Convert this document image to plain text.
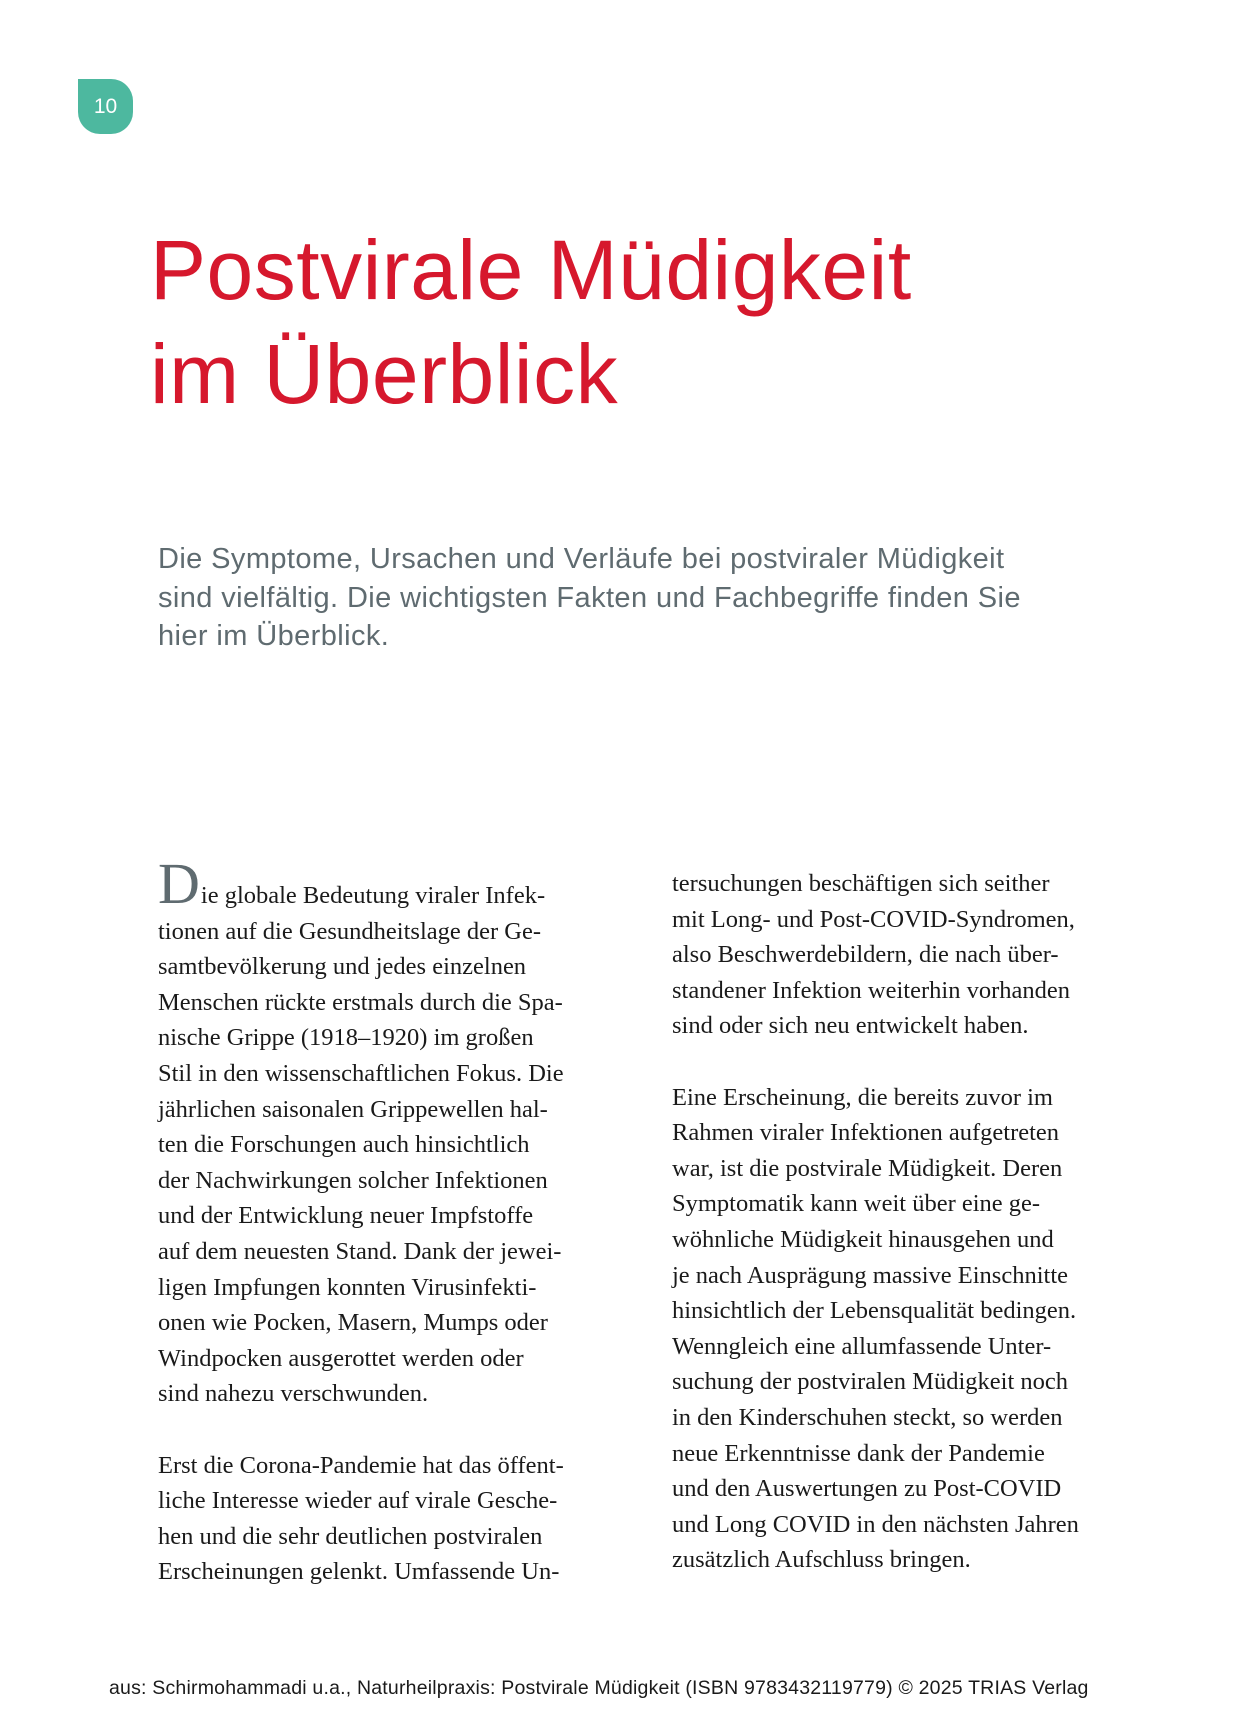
10
Postvirale Müdigkeit
im Überblick

Die Symptome, Ursachen und Verläufe bei postviraler Müdigkeit
sind vielfältig. Die wichtigsten Fakten und Fachbegriffe finden Sie
hier im Überblick.

Die globale Bedeutung viraler Infek-
tionen auf die Gesundheitslage der Ge-
samtbevölkerung und jedes einzelnen
Menschen rückte erstmals durch die Spa-
nische Grippe (1918–1920) im großen
Stil in den wissenschaftlichen Fokus. Die
jährlichen saisonalen Grippewellen hal-
ten die Forschungen auch hinsichtlich
der Nachwirkungen solcher Infektionen
und der Entwicklung neuer Impfstoffe
auf dem neuesten Stand. Dank der jewei-
ligen Impfungen konnten Virusinfekti-
onen wie Pocken, Masern, Mumps oder
Windpocken ausgerottet werden oder
sind nahezu verschwunden.
Erst die Corona-Pandemie hat das öffent-
liche Interesse wieder auf virale Gesche-
hen und die sehr deutlichen postviralen
Erscheinungen gelenkt. Umfassende Un-
tersuchungen beschäftigen sich seither
mit Long- und Post-COVID-Syndromen,
also Beschwerdebildern, die nach über-
standener Infektion weiterhin vorhanden
sind oder sich neu entwickelt haben.
Eine Erscheinung, die bereits zuvor im
Rahmen viraler Infektionen aufgetreten
war, ist die postvirale Müdigkeit. Deren
Symptomatik kann weit über eine ge-
wöhnliche Müdigkeit hinausgehen und
je nach Ausprägung massive Einschnitte
hinsichtlich der Lebensqualität bedingen.
Wenngleich eine allumfassende Unter-
suchung der postviralen Müdigkeit noch
in den Kinderschuhen steckt, so werden
neue Erkenntnisse dank der Pandemie
und den Auswertungen zu Post-COVID
und Long COVID in den nächsten Jahren
zusätzlich Aufschluss bringen.
aus: Schirmohammadi u.a., Naturheilpraxis: Postvirale Müdigkeit (ISBN 9783432119779) © 2025 TRIAS Verlag
